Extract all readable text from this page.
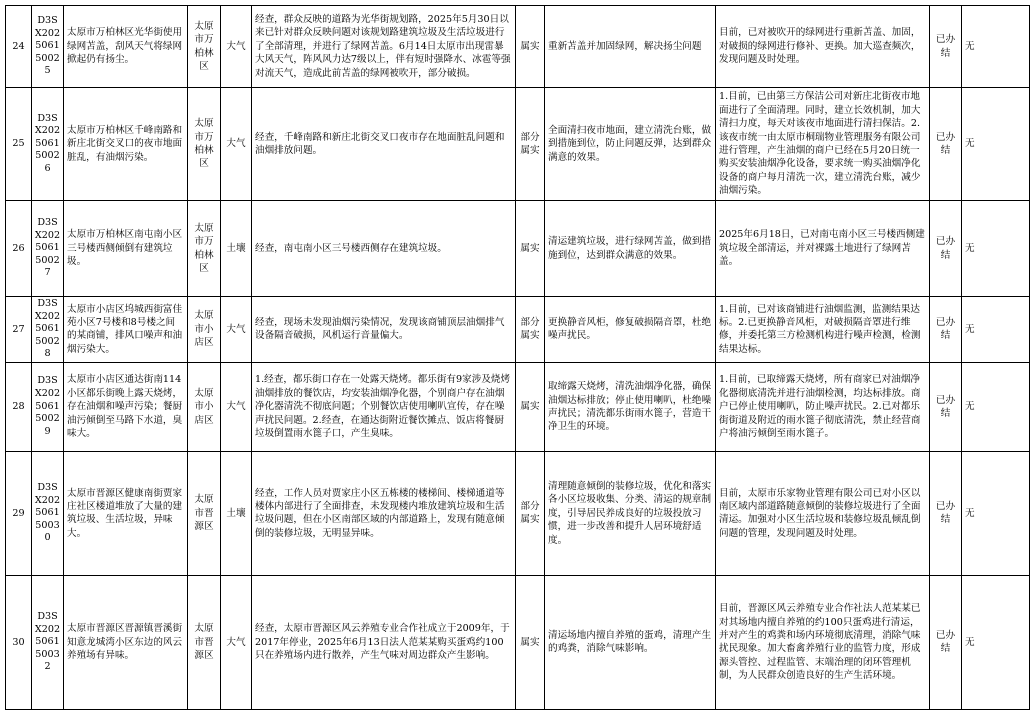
24	D3SX202506150025	太原市万柏林区光华街使用绿网苫盖，刮风天气将绿网掀起仍有扬尘。	太原市万柏林区	大气	经查，群众反映的道路为光华街规划路，2025年5月30日以来已针对群众反映问题对该规划路建筑垃圾及生活垃圾进行了全部清理，并进行了绿网苫盖。6月14日太原市出现雷暴大风天气，阵风风力达7级以上，伴有短时强降水、冰雹等强对流天气，造成此前苫盖的绿网被吹开，部分破损。	属实	重新苫盖并加固绿网，解决扬尘问题	目前，已对被吹开的绿网进行重新苫盖、加固，对破损的绿网进行修补、更换。加大巡查频次，发现问题及时处理。	已办结	无
25	D3SX202506150026	太原市万柏林区千峰南路和新庄北街交叉口的夜市地面脏乱，有油烟污染。	太原市万柏林区	大气	经查，千峰南路和新庄北街交叉口夜市存在地面脏乱问题和油烟排放问题。	部分属实	全面清扫夜市地面，建立清洗台账，做到措施到位，防止问题反弹，达到群众满意的效果。	1.目前，已由第三方保洁公司对新庄北街夜市地面进行了全面清理。同时，建立长效机制，加大清扫力度，每天对该夜市地面进行清扫保洁。2.该夜市统一由太原市桐瑞物业管理服务有限公司进行管理，产生油烟的商户已经在5月20日统一购买安装油烟净化设备，要求统一购买油烟净化设备的商户每月清洗一次，建立清洗台账，减少油烟污染。	已办结	无
26	D3SX202506150027	太原市万柏林区南屯南小区三号楼西侧倾倒有建筑垃圾。	太原市万柏林区	土壤	经查，南屯南小区三号楼西侧存在建筑垃圾。	属实	清运建筑垃圾，进行绿网苫盖，做到措施到位，达到群众满意的效果。	2025年6月18日，已对南屯南小区三号楼西侧建筑垃圾全部清运，并对裸露土地进行了绿网苫盖。	已办结	无
27	D3SX202506150028	太原市小店区坞城西街富佳苑小区7号楼和8号楼之间的某商铺，排风口噪声和油烟污染大。	太原市小店区	大气	经查，现场未发现油烟污染情况，发现该商铺顶层油烟排气设备隔音破损，风机运行音量偏大。	部分属实	更换静音风柜，修复破损隔音罩，杜绝噪声扰民。	1.目前，已对该商铺进行油烟监测，监测结果达标。2.已更换静音风柜，对破损隔音罩进行维修，并委托第三方检测机构进行噪声检测，检测结果达标。	已办结	无
28	D3SX202506150029	太原市小店区通达街南114小区都乐街晚上露天烧烤，存在油烟和噪声污染；餐厨油污倾倒至马路下水道，臭味大。	太原市小店区	大气	1.经查，都乐街口存在一处露天烧烤。都乐街有9家涉及烧烤油烟排放的餐饮店，均安装油烟净化器，个别商户存在油烟净化器清洗不彻底问题；个别餐饮店使用喇叭宣传，存在噪声扰民问题。2.经查，在通达街附近餐饮摊点、饭店将餐厨垃圾倒置雨水篦子口，产生臭味。	属实	取缔露天烧烤，清洗油烟净化器，确保油烟达标排放；停止使用喇叭，杜绝噪声扰民；清洗都乐街雨水篦子，营造干净卫生的环境。	1.目前，已取缔露天烧烤，所有商家已对油烟净化器彻底清洗并进行油烟检测，均达标排放。商户已停止使用喇叭，防止噪声扰民。2.已对都乐街街道及附近的雨水篦子彻底清洗，禁止经营商户将油污倾倒至雨水篦子。	已办结	无
29	D3SX202506150030	太原市晋源区健康南街贾家庄社区楼道堆放了大量的建筑垃圾、生活垃圾，异味大。	太原市晋源区	土壤	经查，工作人员对贾家庄小区五栋楼的楼梯间、楼梯通道等楼体内部进行了全面排查，未发现楼内堆放建筑垃圾和生活垃圾问题，但在小区南部区域的内部道路上，发现有随意倾倒的装修垃圾，无明显异味。	部分属实	清理随意倾倒的装修垃圾，优化和落实各小区垃圾收集、分类、清运的规章制度，引导居民养成良好的垃圾投放习惯，进一步改善和提升人居环境舒适度。	目前，太原市乐家物业管理有限公司已对小区以南区域内部道路随意倾倒的装修垃圾进行了全面清运。加强对小区生活垃圾和装修垃圾乱倾乱倒问题的管理，发现问题及时处理。	已办结	无
30	D3SX202506150032	太原市晋源区晋源镇晋溪街知意龙城湾小区东边的风云养殖场有异味。	太原市晋源区	大气	经查，太原市晋源区风云养殖专业合作社成立于2009年，于2017年停业，2025年6月13日法人范某某购买蛋鸡约100只在养殖场内进行散养，产生气味对周边群众产生影响。	属实	清运场地内擅自养殖的蛋鸡，清理产生的鸡粪，消除气味影响。	目前，晋源区风云养殖专业合作社法人范某某已对其场地内擅自养殖的约100只蛋鸡进行清运，并对产生的鸡粪和场内环境彻底清理，消除气味扰民现象。加大畜禽养殖行业的监管力度，形成源头管控、过程监管、末端治理的闭环管理机制，为人民群众创造良好的生产生活环境。	已办结	无
